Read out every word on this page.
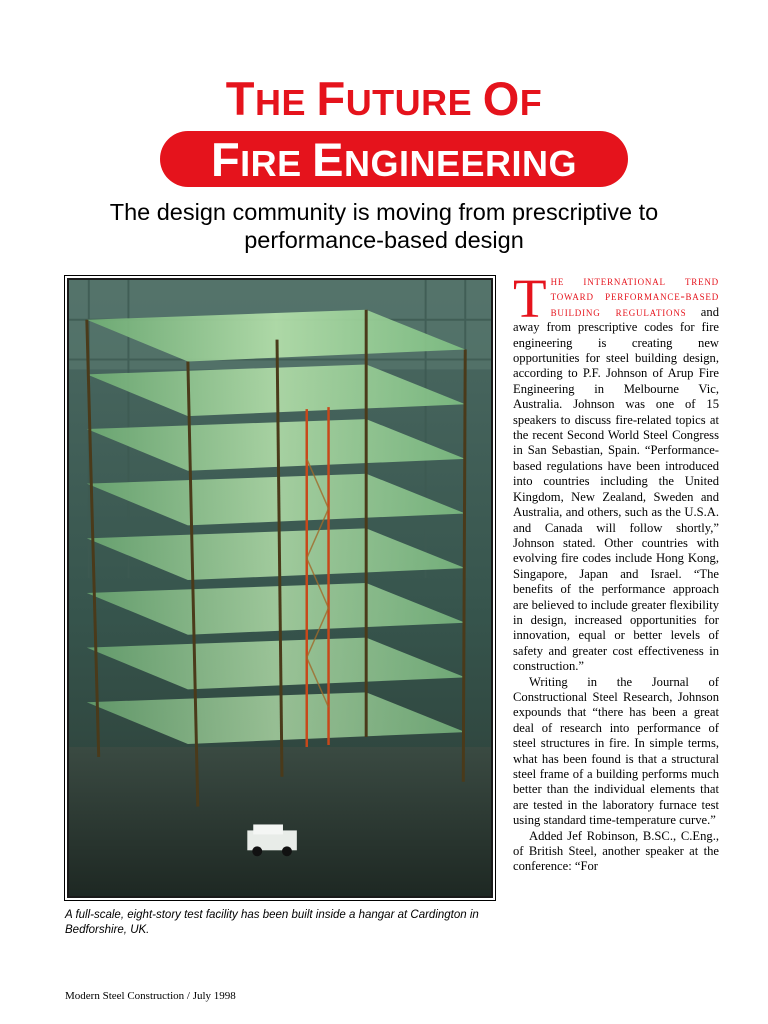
THE FUTURE OF
FIRE ENGINEERING
The design community is moving from prescriptive to performance-based design
A full-scale, eight-story test facility has been built inside a hangar at Cardington in Bedforshire, UK.

The international trend toward performance-based building regulations and away from prescriptive codes for fire engineering is creating new opportunities for steel building design, according to P.F. Johnson of Arup Fire Engineering in Melbourne Vic, Australia. Johnson was one of 15 speakers to discuss fire-related topics at the recent Second World Steel Congress in San Sebastian, Spain. “Performance-based regulations have been introduced into countries including the United Kingdom, New Zealand, Sweden and Australia, and others, such as the U.S.A. and Canada will follow shortly,” Johnson stated. Other countries with evolving fire codes include Hong Kong, Singapore, Japan and Israel. “The benefits of the performance approach are believed to include greater flexibility in design, increased opportunities for innovation, equal or better levels of safety and greater cost effectiveness in construction.”

Writing in the Journal of Constructional Steel Research, Johnson expounds that “there has been a great deal of research into performance of steel structures in fire. In simple terms, what has been found is that a structural steel frame of a building performs much better than the individual elements that are tested in the laboratory furnace test using standard time-temperature curve.”

Added Jef Robinson, B.SC., C.Eng., of British Steel, another speaker at the conference: “For

Modern Steel Construction / July 1998
